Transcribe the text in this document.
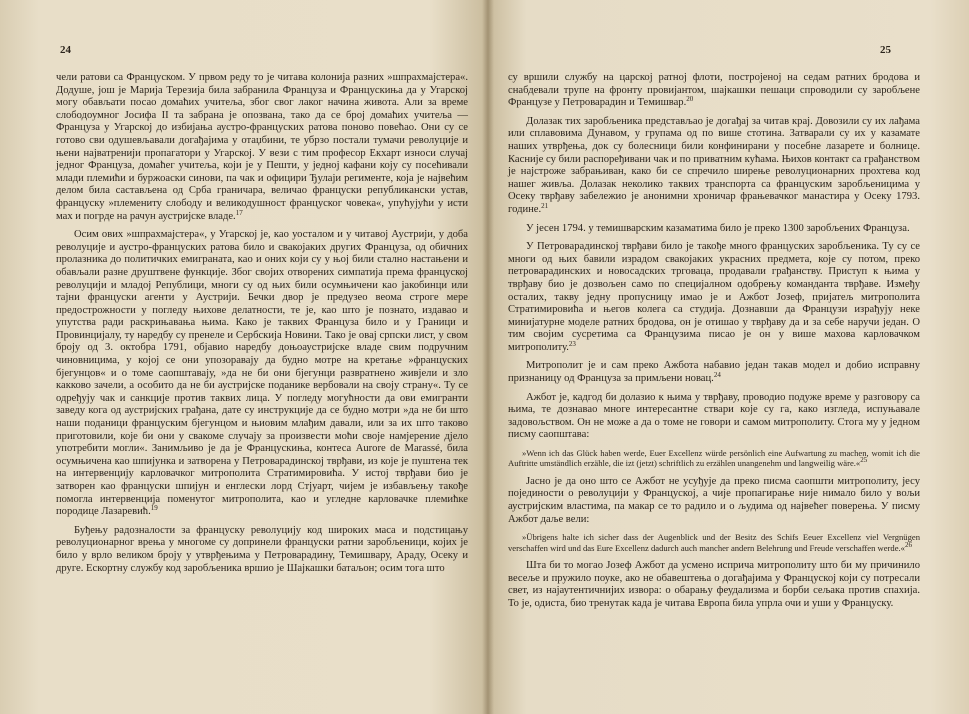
24

чели ратови са Француском. У првом реду то је читава колонија разних »шпрахмајстера«. Додуше, још је Марија Терезија била забранила Француза и Францускиња да у Угарској могу обављати посао домаћих учитеља, због свог лаког начина живота. Али за време слободоумног Јосифа II та забрана је опозвана, тако да се број домаћих учитеља — Француза у Угарској до избијања аустро-француских ратова поново повећао. Они су се готово сви одушевљавали догађајима у отаџбини, те убрзо постали тумачи револуције и њени најватренији пропагатори у Угарској. У вези с тим професор Екхарт износи случај једног Француза, домаћег учитеља, који је у Пешти, у једној кафани коју су посећивали млади племићи и буржоаски синови, па чак и официри Ђулаји регименте, која је највећим делом била састављена од Срба граничара, величао француски републикански устав, француску »племениту слободу и великодушност француског човека«, упућујући у исти мах и погрде на рачун аустријске владе.$^{17}$

Осим ових »шпрахмајстера«, у Угарској је, као уосталом и у читавој Аустрији, у доба револуције и аустро-француских ратова било и свакојаких других Француза, од обичних пролазника до политичких емиграната, као и оних који су у њој били стално настањени и обављали разне друштвене функције. Због својих отворених симпатија према француској револуцији и младој Републици, многи су од њих били осумњичени као јакобинци или тајни француски агенти у Аустрији. Бечки двор је предузео веома строге мере предострожности у погледу њихове делатности, те је, као што је познато, издавао и упутства ради раскрињавања њима. Како је таквих Француза било и у Граници и Провинцијалу, ту наредбу су пренеле и Сербскија Новини. Тако је овај српски лист, у свом броју од 3. октобра 1791, објавио наредбу доњоаустријске владе свим подручним чиновницима, у којој се они упозоравају да будно мотре на кретање »француских бјегунцов« и о томе саопштавају, »да не би они бјегунци развратнено живјели и зло какково зачели, а особито да не би аустријске поданике вербовали на своју страну«. Ту се одређују чак и санкције против таквих лица. У погледу могућности да ови емигранти заведу кога од аустријских грађана, дате су инструкције да се будно мотри »да не би што наши поданици француским бјегунцом и њиовим млађим давали, или за их што таково приготовили, које би они у свакоме случају за произвести моћи своје намјерение дјело употребити могли«. Занимљиво је да је Францускиња, контеса Aurore de Marassé, била осумњичена као шпијунка и затворена у Петроварадинској тврђави, из које је пуштена тек на интервенцију карловачког митрополита Стратимировића. У истој тврђави био је затворен као француски шпијун и енглески лорд Стјуарт, чијем је избављењу такође помогла интервенција поменутог митрополита, као и угледне карловачке племићке породице Лазаревић.$^{19}$

Буђењу радозналости за француску револуцију код широких маса и подстицању револуционарног врења у многоме су допринели француски ратни заробљеници, којих је било у врло великом броју у утврђењима у Петроварадину, Темишвару, Араду, Осеку и друге. Ескортну службу код заробљеника вршио је Шајкашки батаљон; осим тога што

25

су вршили службу на царској ратној флоти, постројеној на седам ратних бродова и снабдевали трупе на фронту провијантом, шајкашки пешаци спроводили су заробљене Французе у Петроварадин и Темишвар.$^{20}$

Долазак тих заробљеника представљао је догађај за читав крај. Довозили су их лађама или сплавовима Дунавом, у групама од по више стотина. Затварали су их у казамате наших утврђења, док су болесници били конфинирани у посебне лазарете и болнице. Касније су били распоређивани чак и по приватним кућама. Њихов контакт са грађанством је најстроже забрањиван, како би се спречило ширење револуционарних прохтева код нашег живља. Долазак неколико таквих транспорта са француским заробљеницима у Осеку тврђаву забележио је анонимни хроничар фрањевачког манастира у Осеку 1793. године.$^{21}$

У јесен 1794. у темишварским казаматима било је преко 1300 заробљених Француза.

У Петроварадинској тврђави било је такође много француских заробљеника. Ту су се многи од њих бавили израдом свакојаких украсних предмета, које су потом, преко петроварадинских и новосадских трговаца, продавали грађанству. Приступ к њима у тврђаву био је дозвољен само по специјалном одобрењу команданта тврђаве. Између осталих, такву једну пропусницу имао је и Ажбот Јозеф, пријатељ митрополита Стратимировића и његов колега са студија. Дознавши да Французи израђују неке минијатурне моделе ратних бродова, он је отишао у тврђаву да и за себе наручи један. О тим својим сусретима са Французима писао је он у више махова карловачком митрополиту.$^{23}$

Митрополит је и сам преко Ажбота набавио један такав модел и добио исправну признаницу од Француза за примљени новац.$^{24}$

Ажбот је, кадгод би долазио к њима у тврђаву, проводио подуже време у разговору са њима, те дознавао многе интересантне ствари које су га, како изгледа, испуњавале задовољством. Он не може а да о томе не говори и самом митрополиту. Стога му у једном писму саопштава:

»Wenn ich das Glück haben werde, Euer Excellenz würde persönlich eine Aufwartung zu machen, womit ich die Auftritte umständlich erzähle, die izt (jetzt) schriftlich zu erzählen unangenehm und langweilig wäre.«$^{25}$

Јасно је да оно што се Ажбот не усуђује да преко писма саопшти митрополиту, јесу појединости о револуцији у Француској, а чије пропагирање није нимало било у вољи аустријским властима, па макар се то радило и о људима од највећег поверења. У писму Ажбот даље вели:

»Übrigens halte ich sicher dass der Augenblick und der Besitz des Schifs Eeuer Excellenz viel Vergnügen verschaffen wird und das Eure Excellenz dadurch auch mancher andern Belehrung und Freude verschaffen werde.«$^{26}$

Шта би то могао Јозеф Ажбот да усмено исприча митрополиту што би му причинило весеље и пружило поуке, ако не обавештења о догађајима у Француској који су потресали свет, из најаутентичнијих извора: о обарању феудализма и борби сељака против спахија. То је, одиста, био тренутак када је читава Европа била упрла очи и уши у Француску.
